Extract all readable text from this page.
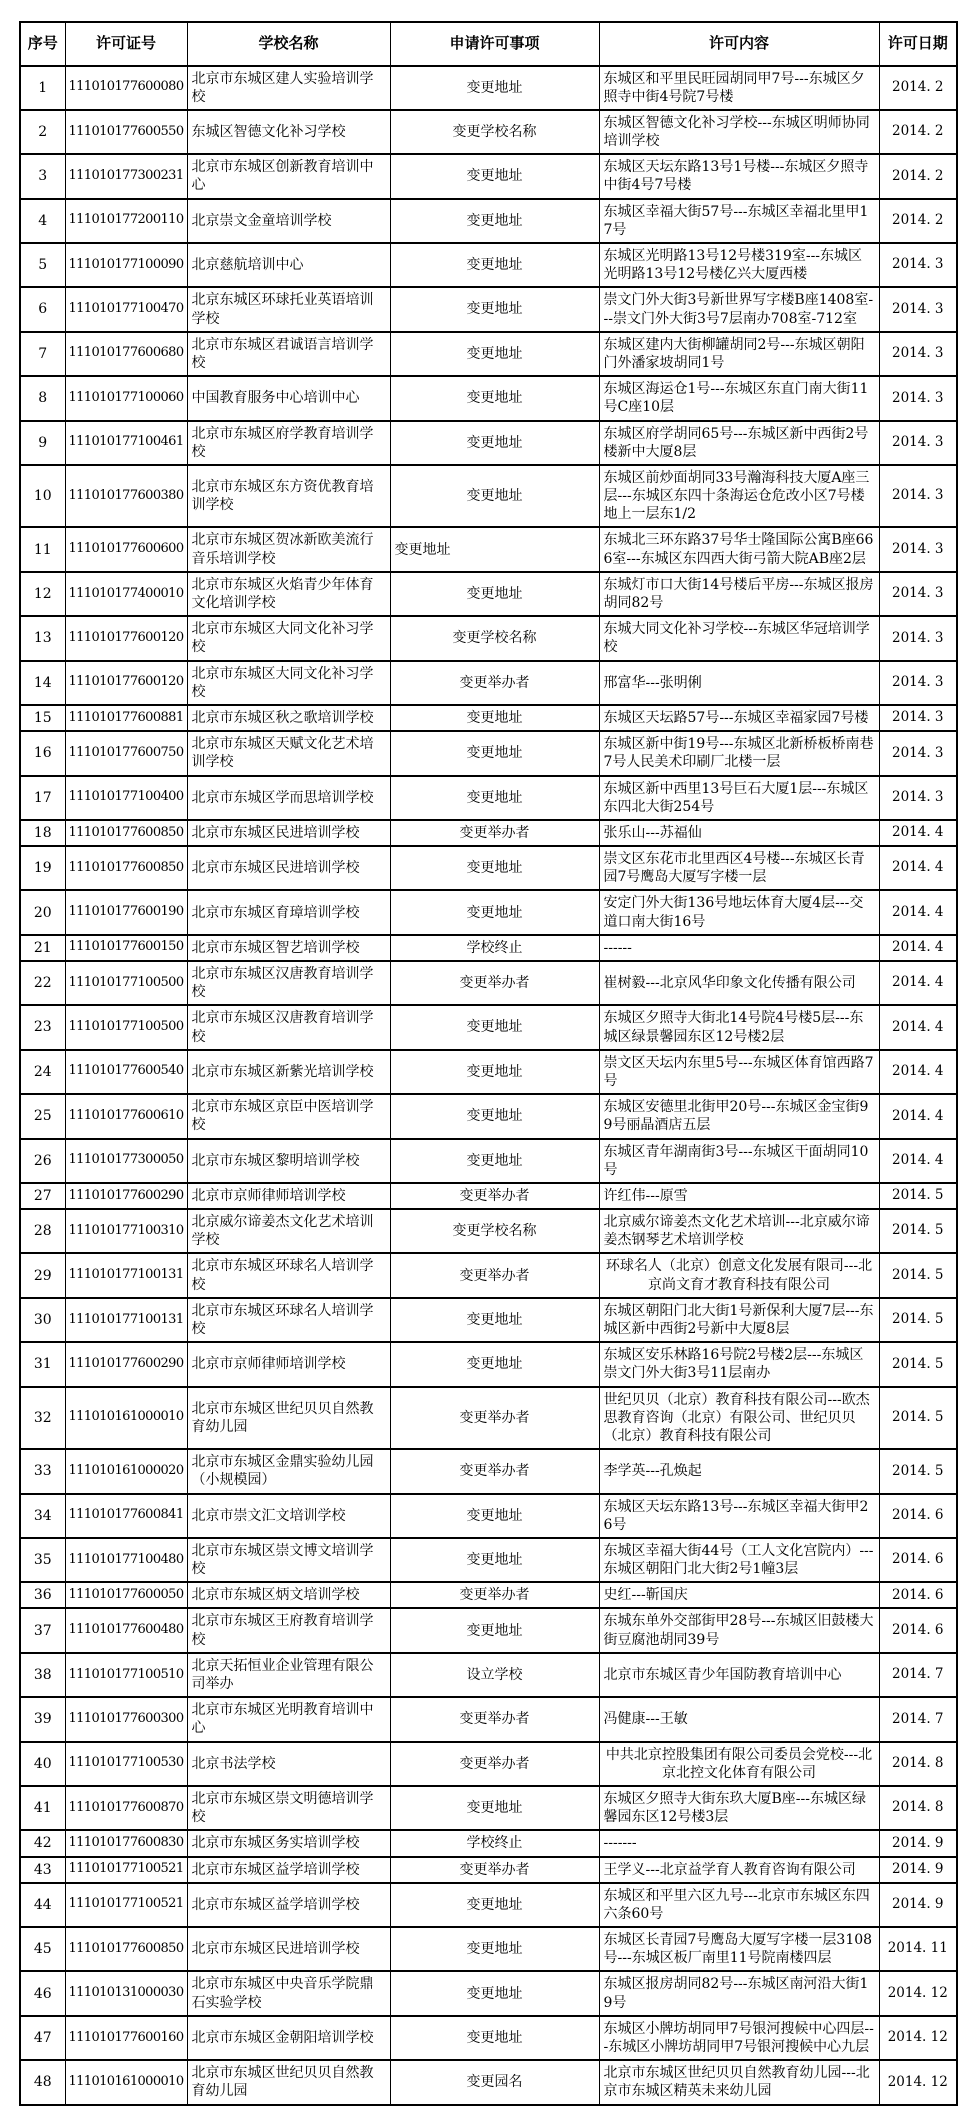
序号	许可证号	学校名称	申请许可事项	许可内容	许可日期
1	111010177600080	北京市东城区建人实验培训学校	变更地址	东城区和平里民旺园胡同甲7号---东城区夕照寺中街4号院7号楼	2014. 2
2	111010177600550	东城区智德文化补习学校	变更学校名称	东城区智德文化补习学校---东城区明师协同培训学校	2014. 2
3	111010177300231	北京市东城区创新教育培训中心	变更地址	东城区天坛东路13号1号楼---东城区夕照寺中街4号7号楼	2014. 2
4	111010177200110	北京崇文金童培训学校	变更地址	东城区幸福大街57号---东城区幸福北里甲17号	2014. 2
5	111010177100090	北京慈航培训中心	变更地址	东城区光明路13号12号楼319室---东城区光明路13号12号楼亿兴大厦西楼	2014. 3
6	111010177100470	北京东城区环球托业英语培训学校	变更地址	崇文门外大街3号新世界写字楼B座1408室---崇文门外大街3号7层南办708室-712室	2014. 3
7	111010177600680	北京市东城区君诚语言培训学校	变更地址	东城区建内大街柳罐胡同2号---东城区朝阳门外潘家坡胡同1号	2014. 3
8	111010177100060	中国教育服务中心培训中心	变更地址	东城区海运仓1号---东城区东直门南大街11号C座10层	2014. 3
9	111010177100461	北京市东城区府学教育培训学校	变更地址	东城区府学胡同65号---东城区新中西街2号楼新中大厦8层	2014. 3
10	111010177600380	北京市东城区东方资优教育培训学校	变更地址	东城区前炒面胡同33号瀚海科技大厦A座三层---东城区东四十条海运仓危改小区7号楼地上一层东1/2	2014. 3
11	111010177600600	北京市东城区贺冰新欧美流行音乐培训学校	变更地址	东城北三环东路37号华士隆国际公寓B座666室---东城区东四西大街弓箭大院AB座2层	2014. 3
12	111010177400010	北京市东城区火焰青少年体育文化培训学校	变更地址	东城灯市口大街14号楼后平房---东城区报房胡同82号	2014. 3
13	111010177600120	北京市东城区大同文化补习学校	变更学校名称	东城大同文化补习学校---东城区华冠培训学校	2014. 3
14	111010177600120	北京市东城区大同文化补习学校	变更举办者	邢富华---张明俐	2014. 3
15	111010177600881	北京市东城区秋之歌培训学校	变更地址	东城区天坛路57号---东城区幸福家园7号楼	2014. 3
16	111010177600750	北京市东城区天赋文化艺术培训学校	变更地址	东城区新中街19号---东城区北新桥板桥南巷7号人民美术印刷厂北楼一层	2014. 3
17	111010177100400	北京市东城区学而思培训学校	变更地址	东城区新中西里13号巨石大厦1层---东城区东四北大街254号	2014. 3
18	111010177600850	北京市东城区民进培训学校	变更举办者	张乐山---苏福仙	2014. 4
19	111010177600850	北京市东城区民进培训学校	变更地址	崇文区东花市北里西区4号楼---东城区长青园7号鹰岛大厦写字楼一层	2014. 4
20	111010177600190	北京市东城区育璋培训学校	变更地址	安定门外大街136号地坛体育大厦4层---交道口南大街16号	2014. 4
21	111010177600150	北京市东城区智艺培训学校	学校终止	------	2014. 4
22	111010177100500	北京市东城区汉唐教育培训学校	变更举办者	崔树毅---北京风华印象文化传播有限公司	2014. 4
23	111010177100500	北京市东城区汉唐教育培训学校	变更地址	东城区夕照寺大街北14号院4号楼5层---东城区绿景馨园东区12号楼2层	2014. 4
24	111010177600540	北京市东城区新紫光培训学校	变更地址	崇文区天坛内东里5号---东城区体育馆西路7号	2014. 4
25	111010177600610	北京市东城区京臣中医培训学校	变更地址	东城区安德里北街甲20号---东城区金宝街99号丽晶酒店五层	2014. 4
26	111010177300050	北京市东城区黎明培训学校	变更地址	东城区青年湖南街3号---东城区干面胡同10号	2014. 4
27	111010177600290	北京市京师律师培训学校	变更举办者	许红伟---原雪	2014. 5
28	111010177100310	北京威尔谛姜杰文化艺术培训学校	变更学校名称	北京威尔谛姜杰文化艺术培训---北京威尔谛姜杰钢琴艺术培训学校	2014. 5
29	111010177100131	北京市东城区环球名人培训学校	变更举办者	环球名人（北京）创意文化发展有限司---北京尚文育才教育科技有限公司	2014. 5
30	111010177100131	北京市东城区环球名人培训学校	变更地址	东城区朝阳门北大街1号新保利大厦7层---东城区新中西街2号新中大厦8层	2014. 5
31	111010177600290	北京市京师律师培训学校	变更地址	东城区安乐林路16号院2号楼2层---东城区崇文门外大街3号11层南办	2014. 5
32	111010161000010	北京市东城区世纪贝贝自然教育幼儿园	变更举办者	世纪贝贝（北京）教育科技有限公司---欧杰思教育咨询（北京）有限公司、世纪贝贝（北京）教育科技有限公司	2014. 5
33	111010161000020	北京市东城区金鼎实验幼儿园（小规模园）	变更举办者	李学英---孔焕起	2014. 5
34	111010177600841	北京市崇文汇文培训学校	变更地址	东城区天坛东路13号---东城区幸福大街甲26号	2014. 6
35	111010177100480	北京市东城区崇文博文培训学校	变更地址	东城区幸福大街44号（工人文化宫院内）---东城区朝阳门北大街2号1幢3层	2014. 6
36	111010177600050	北京市东城区炳文培训学校	变更举办者	史红---靳国庆	2014. 6
37	111010177600480	北京市东城区王府教育培训学校	变更地址	东城东单外交部街甲28号---东城区旧鼓楼大街豆腐池胡同39号	2014. 6
38	111010177100510	北京天拓恒业企业管理有限公司举办	设立学校	北京市东城区青少年国防教育培训中心	2014. 7
39	111010177600300	北京市东城区光明教育培训中心	变更举办者	冯健康---王敏	2014. 7
40	111010177100530	北京书法学校	变更举办者	中共北京控股集团有限公司委员会党校---北京北控文化体育有限公司	2014. 8
41	111010177600870	北京市东城区崇文明德培训学校	变更地址	东城区夕照寺大街东玖大厦B座---东城区绿馨园东区12号楼3层	2014. 8
42	111010177600830	北京市东城区务实培训学校	学校终止	-------	2014. 9
43	111010177100521	北京市东城区益学培训学校	变更举办者	王学义---北京益学育人教育咨询有限公司	2014. 9
44	111010177100521	北京市东城区益学培训学校	变更地址	东城区和平里六区九号---北京市东城区东四六条60号	2014. 9
45	111010177600850	北京市东城区民进培训学校	变更地址	东城区长青园7号鹰岛大厦写字楼一层3108号---东城区板厂南里11号院南楼四层	2014. 11
46	111010131000030	北京市东城区中央音乐学院鼎石实验学校	变更地址	东城区报房胡同82号---东城区南河沿大街19号	2014. 12
47	111010177600160	北京市东城区金朝阳培训学校	变更地址	东城区小牌坊胡同甲7号银河搜候中心四层---东城区小牌坊胡同甲7号银河搜候中心九层	2014. 12
48	111010161000010	北京市东城区世纪贝贝自然教育幼儿园	变更园名	北京市东城区世纪贝贝自然教育幼儿园---北京市东城区精英未来幼儿园	2014. 12
